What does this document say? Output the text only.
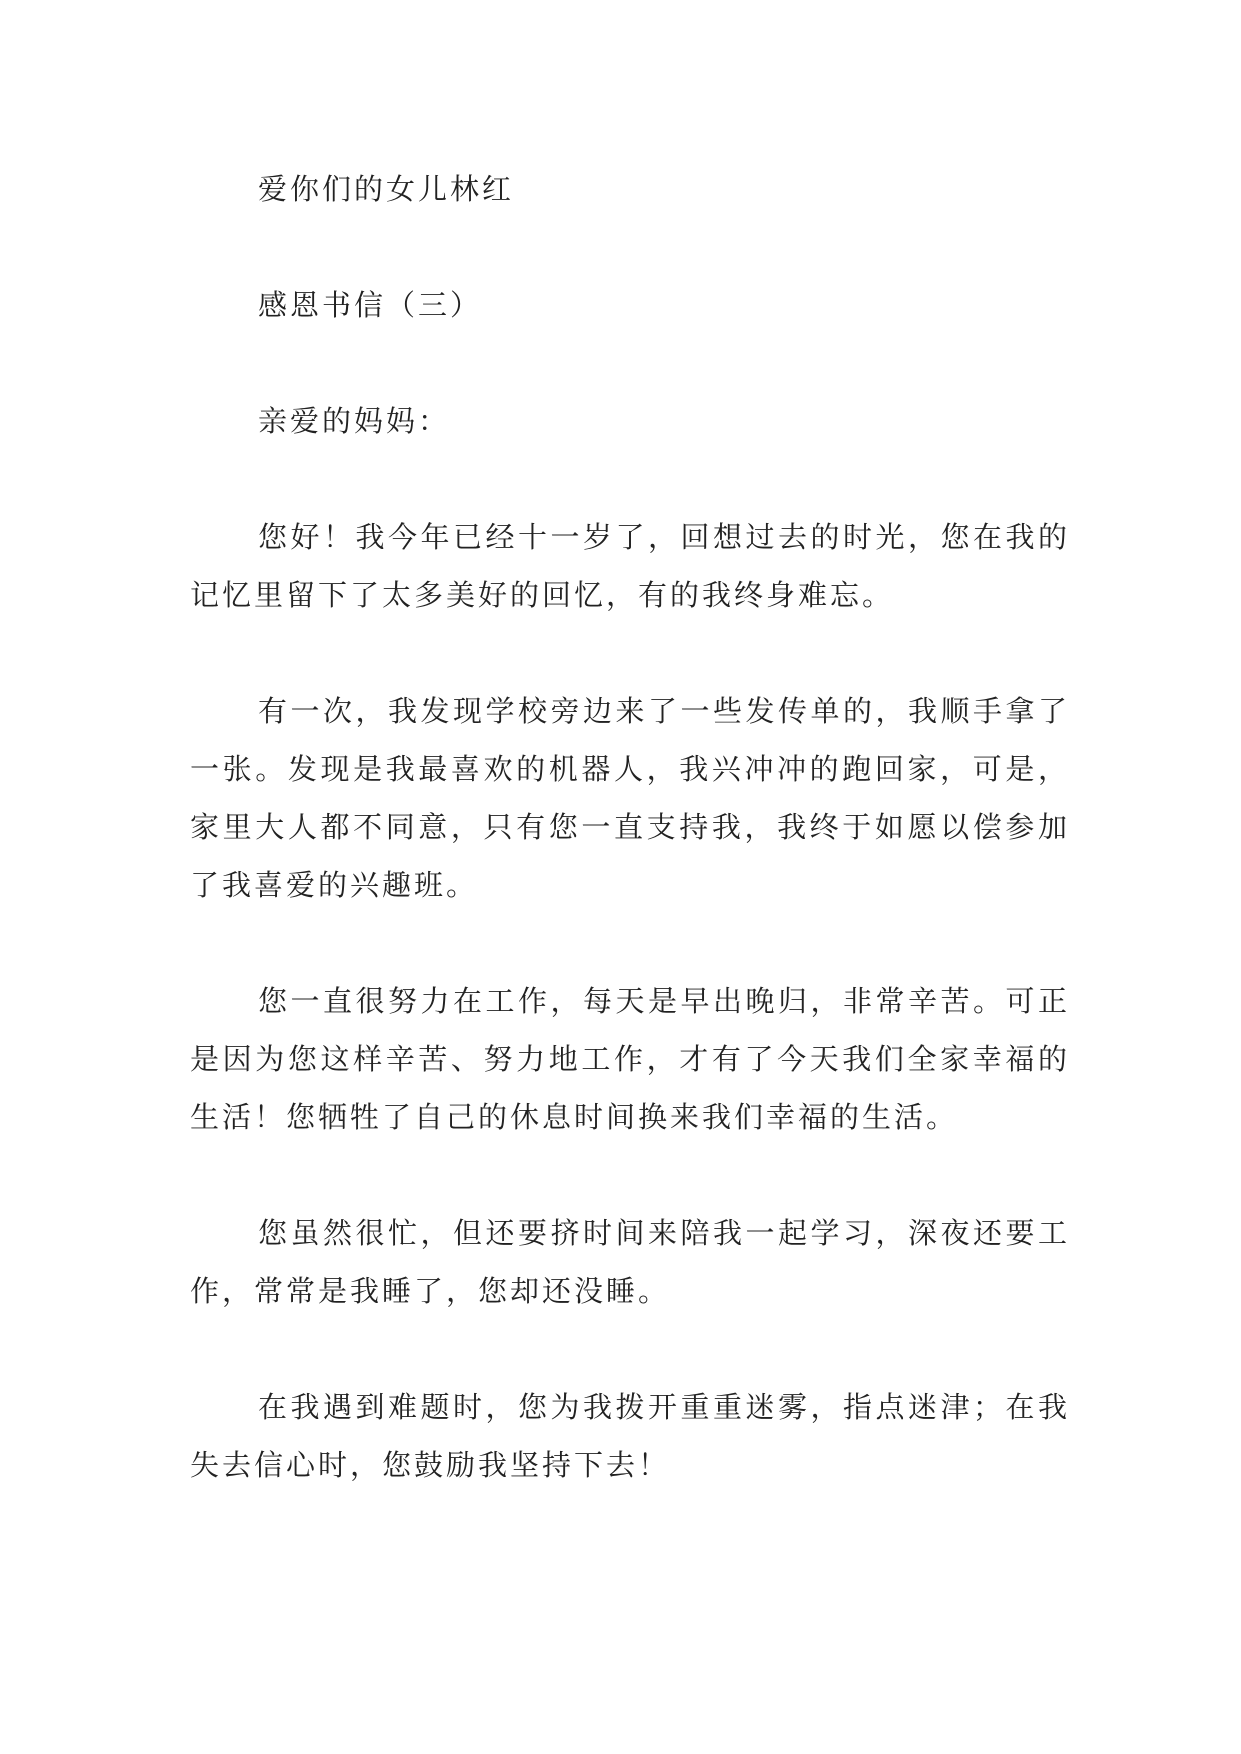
爱你们的女儿林红

感恩书信（三）

亲爱的妈妈：

您好！我今年已经十一岁了，回想过去的时光，您在我的记忆里留下了太多美好的回忆，有的我终身难忘。

有一次，我发现学校旁边来了一些发传单的，我顺手拿了一张。发现是我最喜欢的机器人，我兴冲冲的跑回家，可是，家里大人都不同意，只有您一直支持我，我终于如愿以偿参加了我喜爱的兴趣班。

您一直很努力在工作，每天是早出晚归，非常辛苦。可正是因为您这样辛苦、努力地工作，才有了今天我们全家幸福的生活！您牺牲了自己的休息时间换来我们幸福的生活。

您虽然很忙，但还要挤时间来陪我一起学习，深夜还要工作，常常是我睡了，您却还没睡。

在我遇到难题时，您为我拨开重重迷雾，指点迷津；在我失去信心时，您鼓励我坚持下去！
